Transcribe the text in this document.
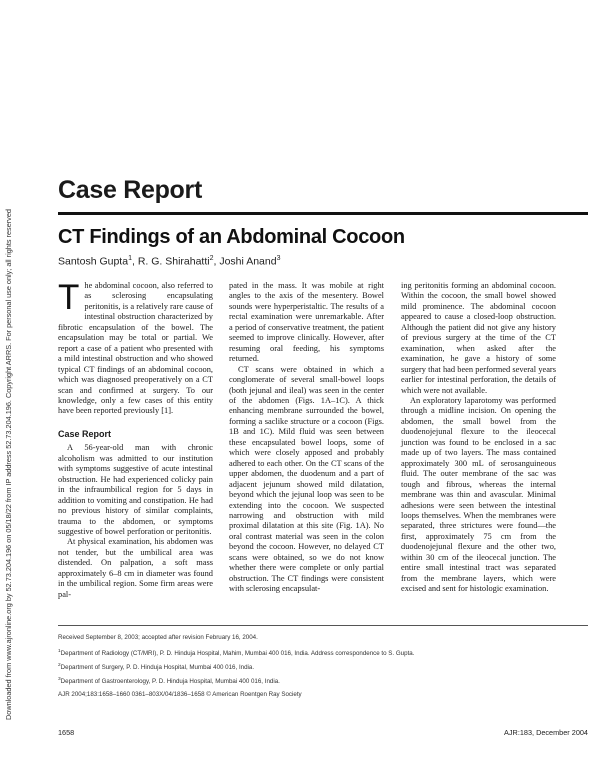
Downloaded from www.ajronline.org by 52.73.204.196 on 05/18/22 from IP address 52.73.204.196. Copyright ARRS. For personal use only; all rights reserved
Case Report
CT Findings of an Abdominal Cocoon
Santosh Gupta$^1$, R. G. Shirahatti$^2$, Joshi Anand$^3$

The abdominal cocoon, also referred to as sclerosing encapsulating peritonitis, is a relatively rare cause of intestinal obstruction characterized by fibrotic encapsulation of the bowel. The encapsulation may be total or partial. We report a case of a patient who presented with a mild intestinal obstruction and who showed typical CT findings of an abdominal cocoon, which was diagnosed preoperatively on a CT scan and confirmed at surgery. To our knowledge, only a few cases of this entity have been reported previously [1].

Case Report

A 56-year-old man with chronic alcoholism was admitted to our institution with symptoms suggestive of acute intestinal obstruction. He had experienced colicky pain in the infraumbilical region for 5 days in addition to vomiting and constipation. He had no previous history of similar complaints, trauma to the abdomen, or symptoms suggestive of bowel perforation or peritonitis.

At physical examination, his abdomen was not tender, but the umbilical area was distended. On palpation, a soft mass approximately 6–8 cm in diameter was found in the umbilical region. Some firm areas were pal-

pated in the mass. It was mobile at right angles to the axis of the mesentery. Bowel sounds were hyperperistaltic. The results of a rectal examination were unremarkable. After a period of conservative treatment, the patient seemed to improve clinically. However, after resuming oral feeding, his symptoms returned.

CT scans were obtained in which a conglomerate of several small-bowel loops (both jejunal and ileal) was seen in the center of the abdomen (Figs. 1A–1C). A thick enhancing membrane surrounded the bowel, forming a saclike structure or a cocoon (Figs. 1B and 1C). Mild fluid was seen between these encapsulated bowel loops, some of which were closely apposed and probably adhered to each other. On the CT scans of the upper abdomen, the duodenum and a part of adjacent jejunum showed mild dilatation, beyond which the jejunal loop was seen to be extending into the cocoon. We suspected narrowing and obstruction with mild proximal dilatation at this site (Fig. 1A). No oral contrast material was seen in the colon beyond the cocoon. However, no delayed CT scans were obtained, so we do not know whether there were complete or only partial obstruction. The CT findings were consistent with sclerosing encapsulat-

ing peritonitis forming an abdominal cocoon. Within the cocoon, the small bowel showed mild prominence. The abdominal cocoon appeared to cause a closed-loop obstruction. Although the patient did not give any history of previous surgery at the time of the CT examination, when asked after the examination, he gave a history of some surgery that had been performed several years earlier for intestinal perforation, the details of which were not available.

An exploratory laparotomy was performed through a midline incision. On opening the abdomen, the small bowel from the duodenojejunal flexure to the ileocecal junction was found to be enclosed in a sac made up of two layers. The mass contained approximately 300 mL of serosanguineous fluid. The outer membrane of the sac was tough and fibrous, whereas the internal membrane was thin and avascular. Minimal adhesions were seen between the intestinal loops themselves. When the membranes were separated, three strictures were found—the first, approximately 75 cm from the duodenojejunal flexure and the other two, within 30 cm of the ileocecal junction. The entire small intestinal tract was separated from the membrane layers, which were excised and sent for histologic examination.

Received September 8, 2003; accepted after revision February 16, 2004.
$^1$Department of Radiology (CT/MRI), P. D. Hinduja Hospital, Mahim, Mumbai 400 016, India. Address correspondence to S. Gupta.
$^2$Department of Surgery, P. D. Hinduja Hospital, Mumbai 400 016, India.
$^3$Department of Gastroenterology, P. D. Hinduja Hospital, Mumbai 400 016, India.
AJR 2004;183:1658–1660 0361–803X/04/1836–1658 © American Roentgen Ray Society
1658	AJR:183, December 2004
